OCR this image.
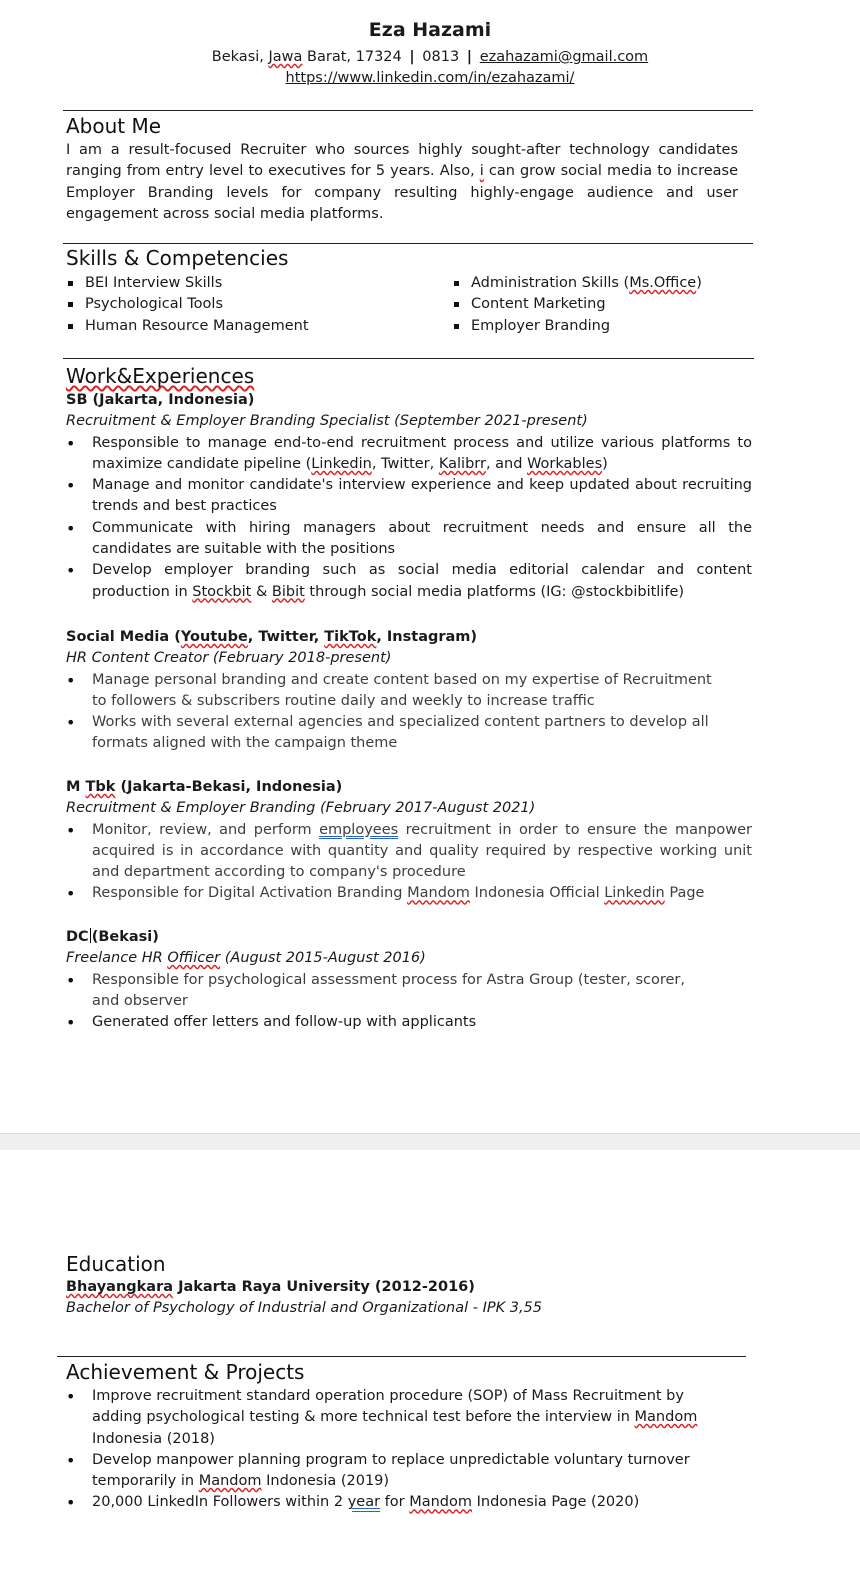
Eza Hazami
Bekasi, Jawa Barat, 17324 | 0813 | ezahazami@gmail.com
https://www.linkedin.com/in/ezahazami/
About Me
I am a result-focused Recruiter who sources highly sought-after technology candidates ranging from entry level to executives for 5 years. Also, i can grow social media to increase Employer Branding levels for company resulting highly-engage audience and user engagement across social media platforms.
Skills & Competencies
BEI Interview Skills
Psychological Tools
Human Resource Management
Administration Skills (Ms.Office)
Content Marketing
Employer Branding
Work&Experiences
SB (Jakarta, Indonesia)
Recruitment & Employer Branding Specialist (September 2021-present)
• Responsible to manage end-to-end recruitment process and utilize various platforms to maximize candidate pipeline (Linkedin, Twitter, Kalibrr, and Workables)
• Manage and monitor candidate's interview experience and keep updated about recruiting trends and best practices
• Communicate with hiring managers about recruitment needs and ensure all the candidates are suitable with the positions
• Develop employer branding such as social media editorial calendar and content production in Stockbit & Bibit through social media platforms (IG: @stockbibitlife)
Social Media (Youtube, Twitter, TikTok, Instagram)
HR Content Creator (February 2018-present)
• Manage personal branding and create content based on my expertise of Recruitment to followers & subscribers routine daily and weekly to increase traffic
• Works with several external agencies and specialized content partners to develop all formats aligned with the campaign theme
M Tbk (Jakarta-Bekasi, Indonesia)
Recruitment & Employer Branding (February 2017-August 2021)
• Monitor, review, and perform employees recruitment in order to ensure the manpower acquired is in accordance with quantity and quality required by respective working unit and department according to company's procedure
• Responsible for Digital Activation Branding Mandom Indonesia Official Linkedin Page
DC (Bekasi)
Freelance HR Offiicer (August 2015-August 2016)
• Responsible for psychological assessment process for Astra Group (tester, scorer, and observer
• Generated offer letters and follow-up with applicants
Education
Bhayangkara Jakarta Raya University (2012-2016)
Bachelor of Psychology of Industrial and Organizational - IPK 3,55
Achievement & Projects
• Improve recruitment standard operation procedure (SOP) of Mass Recruitment by adding psychological testing & more technical test before the interview in Mandom Indonesia (2018)
• Develop manpower planning program to replace unpredictable voluntary turnover temporarily in Mandom Indonesia (2019)
• 20,000 LinkedIn Followers within 2 year for Mandom Indonesia Page (2020)
